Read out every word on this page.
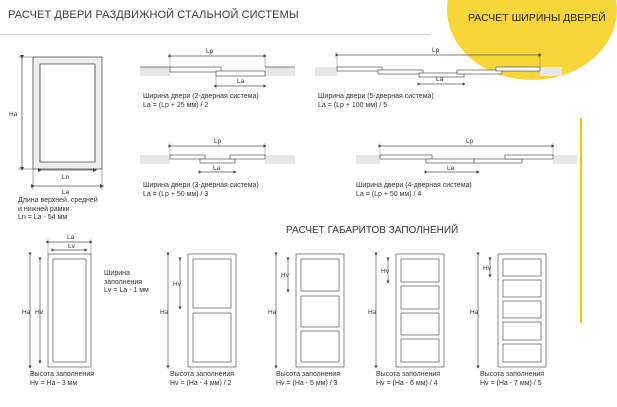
РАСЧЕТ ДВЕРИ РАЗДВИЖНОЙ СТАЛЬНОЙ СИСТЕМЫ	РАСЧЕТ ШИРИНЫ ДВЕРЕЙ
Ha
Ln
La
Lp
La
Lp
La
Lp
La
Lp
La
La
Lv
Ha Hv	Ha
Hv
Ha
Hv
Ha
Hv
Ha
Hv
Длина верхней, средней
и нижней рамки
Ln = La - 54 мм
Ширина двери (2-дверная система)
La = (Lp + 25 мм) / 2
Ширина двери (5-дверная система)
La = (Lp + 100 мм) / 5
Ширина двери (3-дверная система)
La = (Lp + 50 мм) / 3
Ширина двери (4-дверная система)
La = (Lp + 50 мм) / 4
РАСЧЕТ ГАБАРИТОВ ЗАПОЛНЕНИЙ
Ширина
заполнения
Lv = La - 1 мм
Высота заполнения
Hv = Ha - 3 мм
Высота заполнения
Hv = (Ha - 4 мм) / 2
Высота заполнения
Hv = (Ha - 5 мм) / 3
Высота заполнения
Hv = (Ha - 6 мм) / 4
Высота заполнения
Hv = (Ha - 7 мм) / 5
